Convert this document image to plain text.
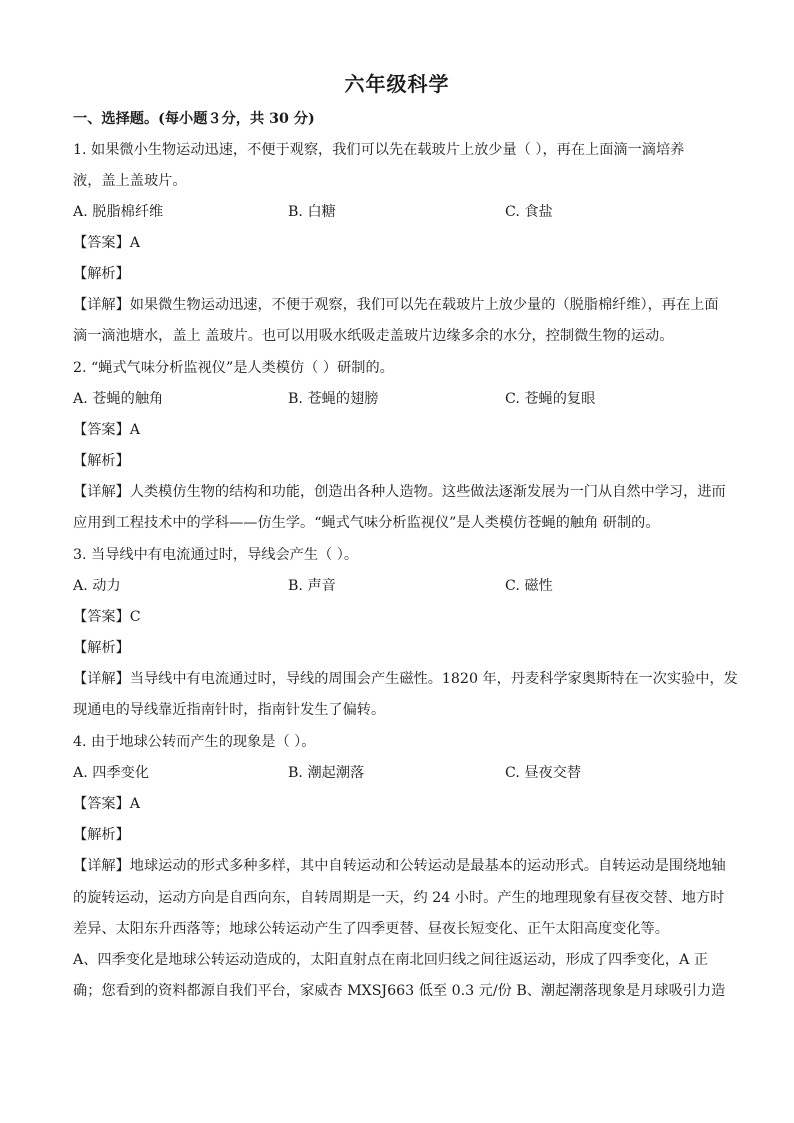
六年级科学
一、选择题。(每小题３分，共 30 分)
1. 如果微小生物运动迅速，不便于观察，我们可以先在载玻片上放少量（ ），再在上面滴一滴培养
液，盖上盖玻片。
A. 脱脂棉纤维	B. 白糖	C. 食盐
【答案】A
【解析】
【详解】如果微生物运动迅速，不便于观察，我们可以先在载玻片上放少量的（脱脂棉纤维），再在上面
滴一滴池塘水，盖上 盖玻片。也可以用吸水纸吸走盖玻片边缘多余的水分，控制微生物的运动。
2. “蝇式气味分析监视仪”是人类模仿（ ）研制的。
A. 苍蝇的触角	B. 苍蝇的翅膀	C. 苍蝇的复眼
【答案】A
【解析】
【详解】人类模仿生物的结构和功能，创造出各种人造物。这些做法逐渐发展为一门从自然中学习，进而
应用到工程技术中的学科——仿生学。“蝇式气味分析监视仪”是人类模仿苍蝇的触角 研制的。
3. 当导线中有电流通过时，导线会产生（ ）。
A. 动力	B. 声音	C. 磁性
【答案】C
【解析】
【详解】当导线中有电流通过时，导线的周围会产生磁性。1820 年，丹麦科学家奥斯特在一次实验中，发
现通电的导线靠近指南针时，指南针发生了偏转。
4. 由于地球公转而产生的现象是（ ）。
A. 四季变化	B. 潮起潮落	C. 昼夜交替
【答案】A
【解析】
【详解】地球运动的形式多种多样，其中自转运动和公转运动是最基本的运动形式。自转运动是围绕地轴
的旋转运动，运动方向是自西向东，自转周期是一天，约 24 小时。产生的地理现象有昼夜交替、地方时
差异、太阳东升西落等；地球公转运动产生了四季更替、昼夜长短变化、正午太阳高度变化等。
A、四季变化是地球公转运动造成的，太阳直射点在南北回归线之间往返运动，形成了四季变化，A 正
确；您看到的资料都源自我们平台，家威杏 MXSJ663 低至 0.3 元/份 B、潮起潮落现象是月球吸引力造
